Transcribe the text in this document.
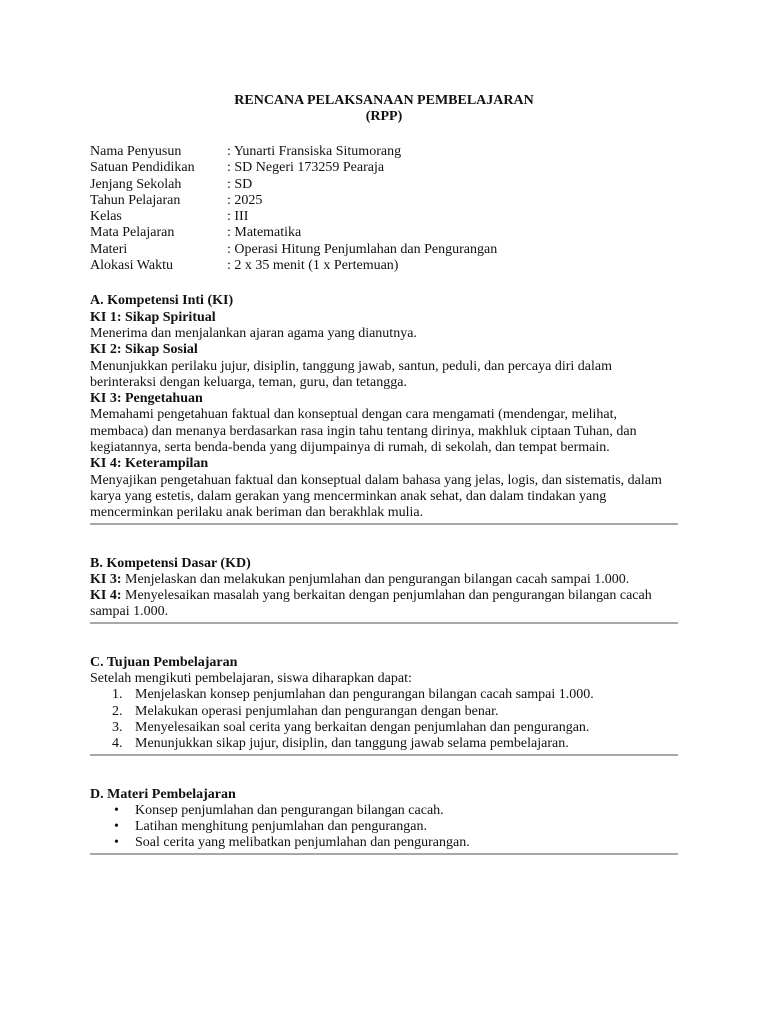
RENCANA PELAKSANAAN PEMBELAJARAN
(RPP)
Nama Penyusun	: Yunarti Fransiska Situmorang
Satuan Pendidikan	: SD Negeri 173259 Pearaja
Jenjang Sekolah	: SD
Tahun Pelajaran	: 2025
Kelas	: III
Mata Pelajaran	: Matematika
Materi	: Operasi Hitung Penjumlahan dan Pengurangan
Alokasi Waktu	: 2 x 35 menit (1 x Pertemuan)
A. Kompetensi Inti (KI)
KI 1: Sikap Spiritual
Menerima dan menjalankan ajaran agama yang dianutnya.
KI 2: Sikap Sosial
Menunjukkan perilaku jujur, disiplin, tanggung jawab, santun, peduli, dan percaya diri dalam berinteraksi dengan keluarga, teman, guru, dan tetangga.
KI 3: Pengetahuan
Memahami pengetahuan faktual dan konseptual dengan cara mengamati (mendengar, melihat, membaca) dan menanya berdasarkan rasa ingin tahu tentang dirinya, makhluk ciptaan Tuhan, dan kegiatannya, serta benda-benda yang dijumpainya di rumah, di sekolah, dan tempat bermain.
KI 4: Keterampilan
Menyajikan pengetahuan faktual dan konseptual dalam bahasa yang jelas, logis, dan sistematis, dalam karya yang estetis, dalam gerakan yang mencerminkan anak sehat, dan dalam tindakan yang mencerminkan perilaku anak beriman dan berakhlak mulia.
B. Kompetensi Dasar (KD)
KI 3: Menjelaskan dan melakukan penjumlahan dan pengurangan bilangan cacah sampai 1.000.
KI 4: Menyelesaikan masalah yang berkaitan dengan penjumlahan dan pengurangan bilangan cacah sampai 1.000.
C. Tujuan Pembelajaran
Setelah mengikuti pembelajaran, siswa diharapkan dapat:
1. Menjelaskan konsep penjumlahan dan pengurangan bilangan cacah sampai 1.000.
2. Melakukan operasi penjumlahan dan pengurangan dengan benar.
3. Menyelesaikan soal cerita yang berkaitan dengan penjumlahan dan pengurangan.
4. Menunjukkan sikap jujur, disiplin, dan tanggung jawab selama pembelajaran.
D. Materi Pembelajaran
• Konsep penjumlahan dan pengurangan bilangan cacah.
• Latihan menghitung penjumlahan dan pengurangan.
• Soal cerita yang melibatkan penjumlahan dan pengurangan.
